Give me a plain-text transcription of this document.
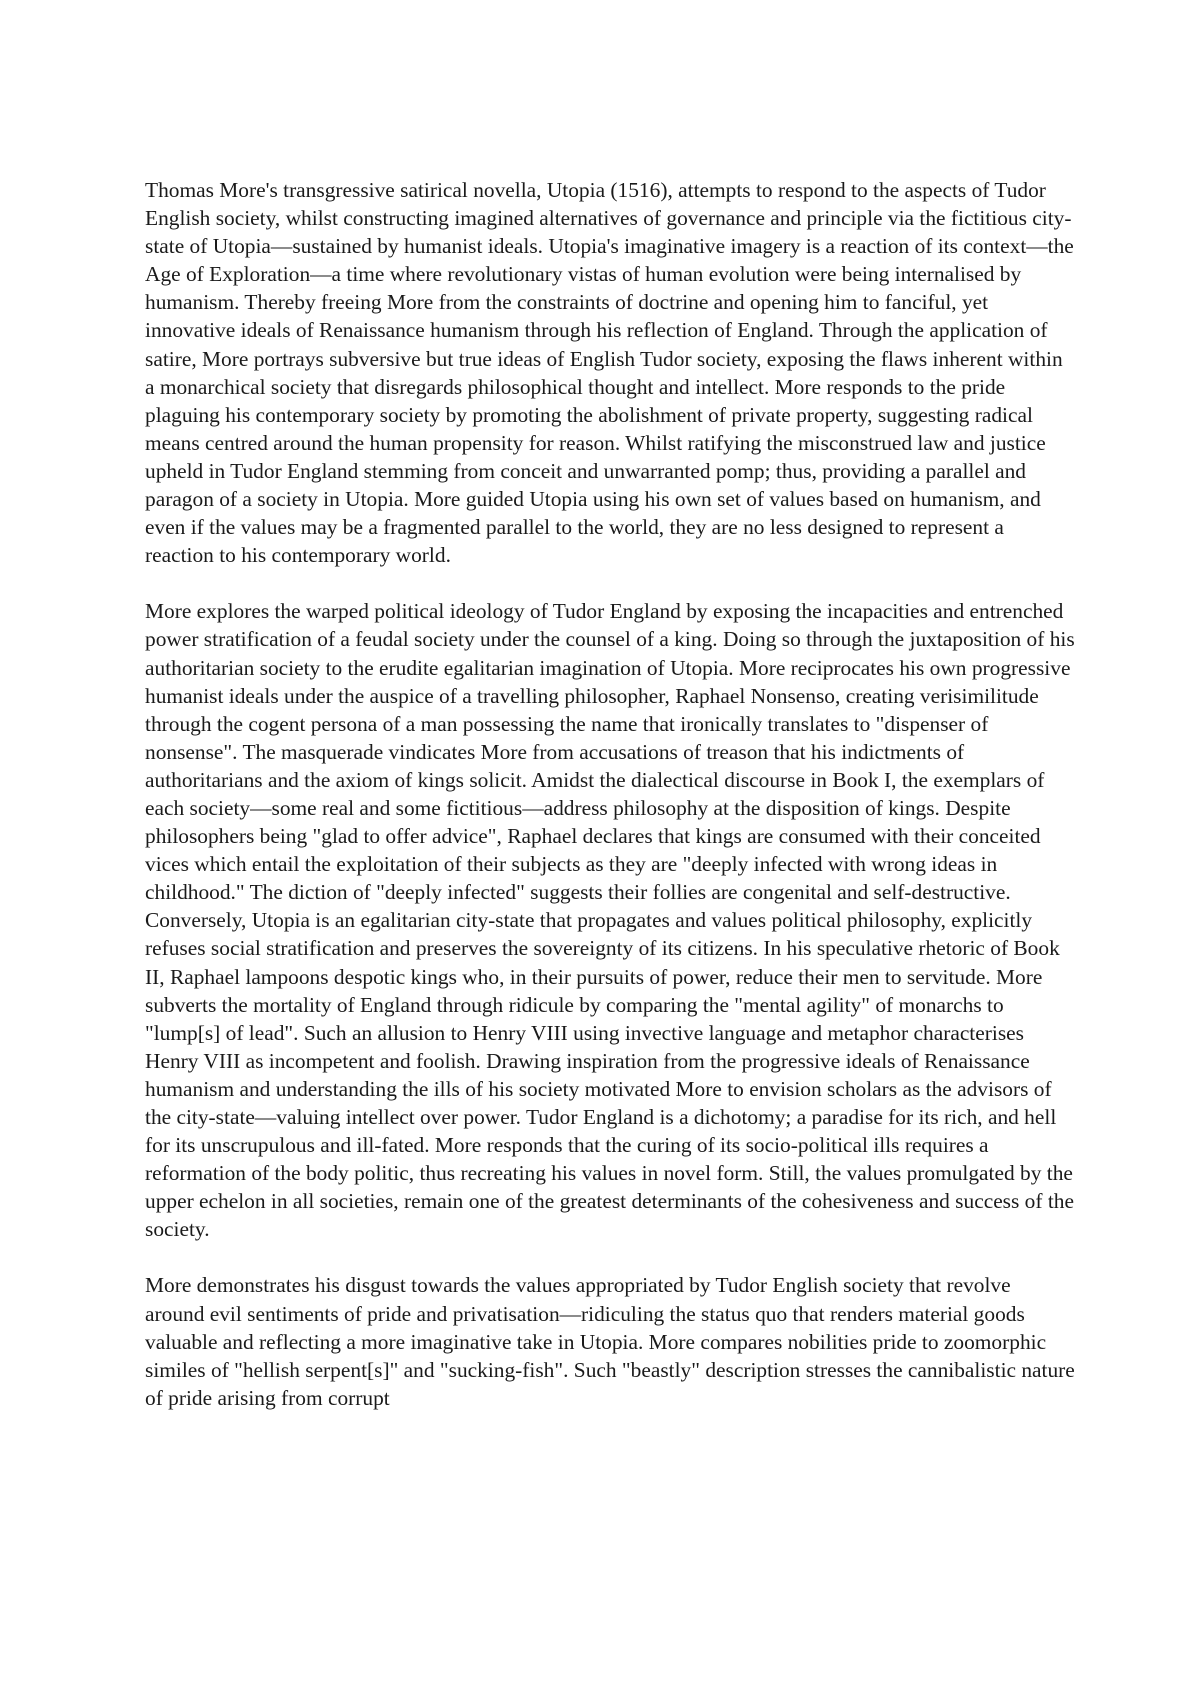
Thomas More's transgressive satirical novella, Utopia (1516), attempts to respond to the aspects of Tudor English society, whilst constructing imagined alternatives of governance and principle via the fictitious city-state of Utopia—sustained by humanist ideals. Utopia's imaginative imagery is a reaction of its context—the Age of Exploration—a time where revolutionary vistas of human evolution were being internalised by humanism. Thereby freeing More from the constraints of doctrine and opening him to fanciful, yet innovative ideals of Renaissance humanism through his reflection of England. Through the application of satire, More portrays subversive but true ideas of English Tudor society, exposing the flaws inherent within a monarchical society that disregards philosophical thought and intellect. More responds to the pride plaguing his contemporary society by promoting the abolishment of private property, suggesting radical means centred around the human propensity for reason. Whilst ratifying the misconstrued law and justice upheld in Tudor England stemming from conceit and unwarranted pomp; thus, providing a parallel and paragon of a society in Utopia. More guided Utopia using his own set of values based on humanism, and even if the values may be a fragmented parallel to the world, they are no less designed to represent a reaction to his contemporary world.

More explores the warped political ideology of Tudor England by exposing the incapacities and entrenched power stratification of a feudal society under the counsel of a king. Doing so through the juxtaposition of his authoritarian society to the erudite egalitarian imagination of Utopia. More reciprocates his own progressive humanist ideals under the auspice of a travelling philosopher, Raphael Nonsenso, creating verisimilitude through the cogent persona of a man possessing the name that ironically translates to "dispenser of nonsense". The masquerade vindicates More from accusations of treason that his indictments of authoritarians and the axiom of kings solicit. Amidst the dialectical discourse in Book I, the exemplars of each society—some real and some fictitious—address philosophy at the disposition of kings. Despite philosophers being "glad to offer advice", Raphael declares that kings are consumed with their conceited vices which entail the exploitation of their subjects as they are "deeply infected with wrong ideas in childhood." The diction of "deeply infected" suggests their follies are congenital and self-destructive. Conversely, Utopia is an egalitarian city-state that propagates and values political philosophy, explicitly refuses social stratification and preserves the sovereignty of its citizens. In his speculative rhetoric of Book II, Raphael lampoons despotic kings who, in their pursuits of power, reduce their men to servitude. More subverts the mortality of England through ridicule by comparing the "mental agility" of monarchs to "lump[s] of lead". Such an allusion to Henry VIII using invective language and metaphor characterises Henry VIII as incompetent and foolish. Drawing inspiration from the progressive ideals of Renaissance humanism and understanding the ills of his society motivated More to envision scholars as the advisors of the city-state—valuing intellect over power. Tudor England is a dichotomy; a paradise for its rich, and hell for its unscrupulous and ill-fated. More responds that the curing of its socio-political ills requires a reformation of the body politic, thus recreating his values in novel form. Still, the values promulgated by the upper echelon in all societies, remain one of the greatest determinants of the cohesiveness and success of the society.

More demonstrates his disgust towards the values appropriated by Tudor English society that revolve around evil sentiments of pride and privatisation—ridiculing the status quo that renders material goods valuable and reflecting a more imaginative take in Utopia. More compares nobilities pride to zoomorphic similes of "hellish serpent[s]" and "sucking-fish". Such "beastly" description stresses the cannibalistic nature of pride arising from corrupt
